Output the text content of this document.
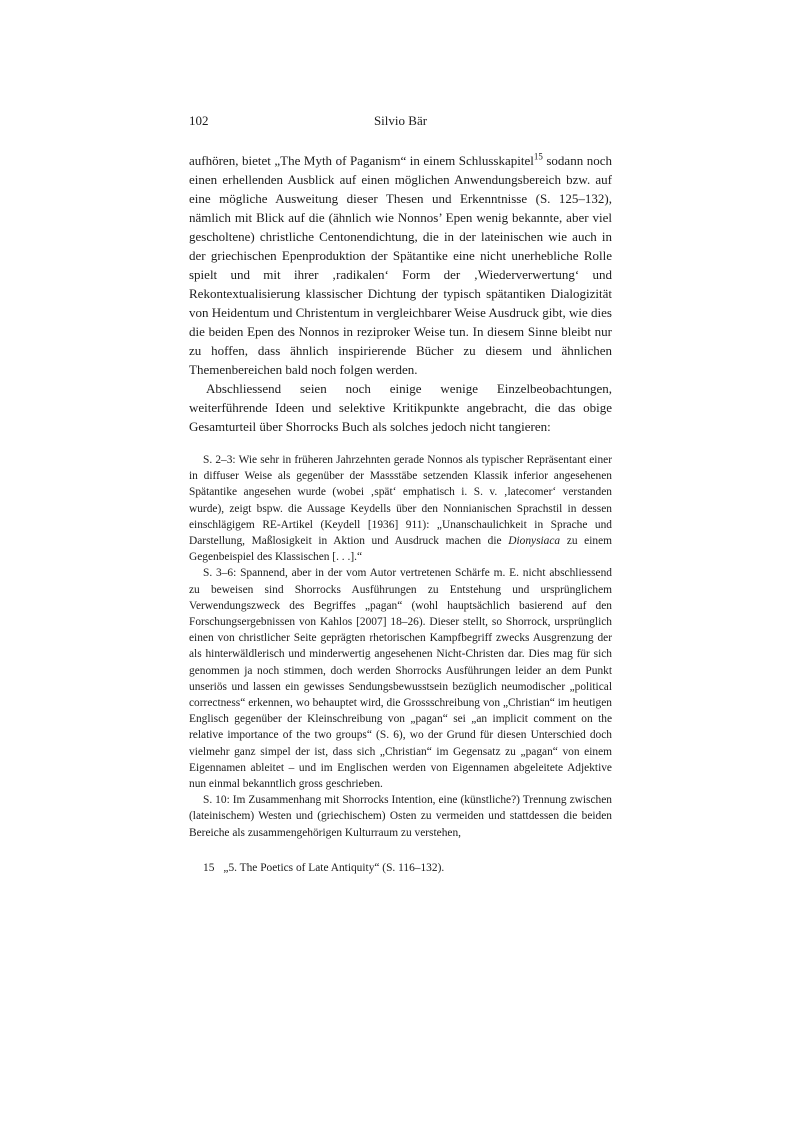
102	Silvio Bär

aufhören, bietet „The Myth of Paganism“ in einem Schlusskapitel$^{15}$ sodann noch einen erhellenden Ausblick auf einen möglichen Anwendungsbereich bzw. auf eine mögliche Ausweitung dieser Thesen und Erkenntnisse (S. 125–132), nämlich mit Blick auf die (ähnlich wie Nonnos’ Epen wenig bekannte, aber viel gescholtene) christliche Centonendichtung, die in der lateinischen wie auch in der griechischen Epenproduktion der Spätantike eine nicht unerhebliche Rolle spielt und mit ihrer ‚radikalen‘ Form der ‚Wiederverwertung‘ und Rekontextualisierung klassischer Dichtung der typisch spätantiken Dialogizität von Heidentum und Christentum in vergleichbarer Weise Ausdruck gibt, wie dies die beiden Epen des Nonnos in reziproker Weise tun. In diesem Sinne bleibt nur zu hoffen, dass ähnlich inspirierende Bücher zu diesem und ähnlichen Themenbereichen bald noch folgen werden.

Abschliessend seien noch einige wenige Einzelbeobachtungen, weiterführende Ideen und selektive Kritikpunkte angebracht, die das obige Gesamturteil über Shorrocks Buch als solches jedoch nicht tangieren:

S. 2–3: Wie sehr in früheren Jahrzehnten gerade Nonnos als typischer Repräsentant einer in diffuser Weise als gegenüber der Massstäbe setzenden Klassik inferior angesehenen Spätantike angesehen wurde (wobei ‚spät‘ emphatisch i. S. v. ‚latecomer‘ verstanden wurde), zeigt bspw. die Aussage Keydells über den Nonnianischen Sprachstil in dessen einschlägigem RE-Artikel (Keydell [1936] 911): „Unanschaulichkeit in Sprache und Darstellung, Maßlosigkeit in Aktion und Ausdruck machen die Dionysiaca zu einem Gegenbeispiel des Klassischen [. . .].“

S. 3–6: Spannend, aber in der vom Autor vertretenen Schärfe m. E. nicht abschliessend zu beweisen sind Shorrocks Ausführungen zu Entstehung und ursprünglichem Verwendungszweck des Begriffes „pagan“ (wohl hauptsächlich basierend auf den Forschungsergebnissen von Kahlos [2007] 18–26). Dieser stellt, so Shorrock, ursprünglich einen von christlicher Seite geprägten rhetorischen Kampfbegriff zwecks Ausgrenzung der als hinterwäldlerisch und minderwertig angesehenen Nicht-Christen dar. Dies mag für sich genommen ja noch stimmen, doch werden Shorrocks Ausführungen leider an dem Punkt unseriös und lassen ein gewisses Sendungsbewusstsein bezüglich neumodischer „political correctness“ erkennen, wo behauptet wird, die Grossschreibung von „Christian“ im heutigen Englisch gegenüber der Kleinschreibung von „pagan“ sei „an implicit comment on the relative importance of the two groups“ (S. 6), wo der Grund für diesen Unterschied doch vielmehr ganz simpel der ist, dass sich „Christian“ im Gegensatz zu „pagan“ von einem Eigennamen ableitet – und im Englischen werden von Eigennamen abgeleitete Adjektive nun einmal bekanntlich gross geschrieben.

S. 10: Im Zusammenhang mit Shorrocks Intention, eine (künstliche?) Trennung zwischen (lateinischem) Westen und (griechischem) Osten zu vermeiden und stattdessen die beiden Bereiche als zusammengehörigen Kulturraum zu verstehen,

15 „5. The Poetics of Late Antiquity“ (S. 116–132).
